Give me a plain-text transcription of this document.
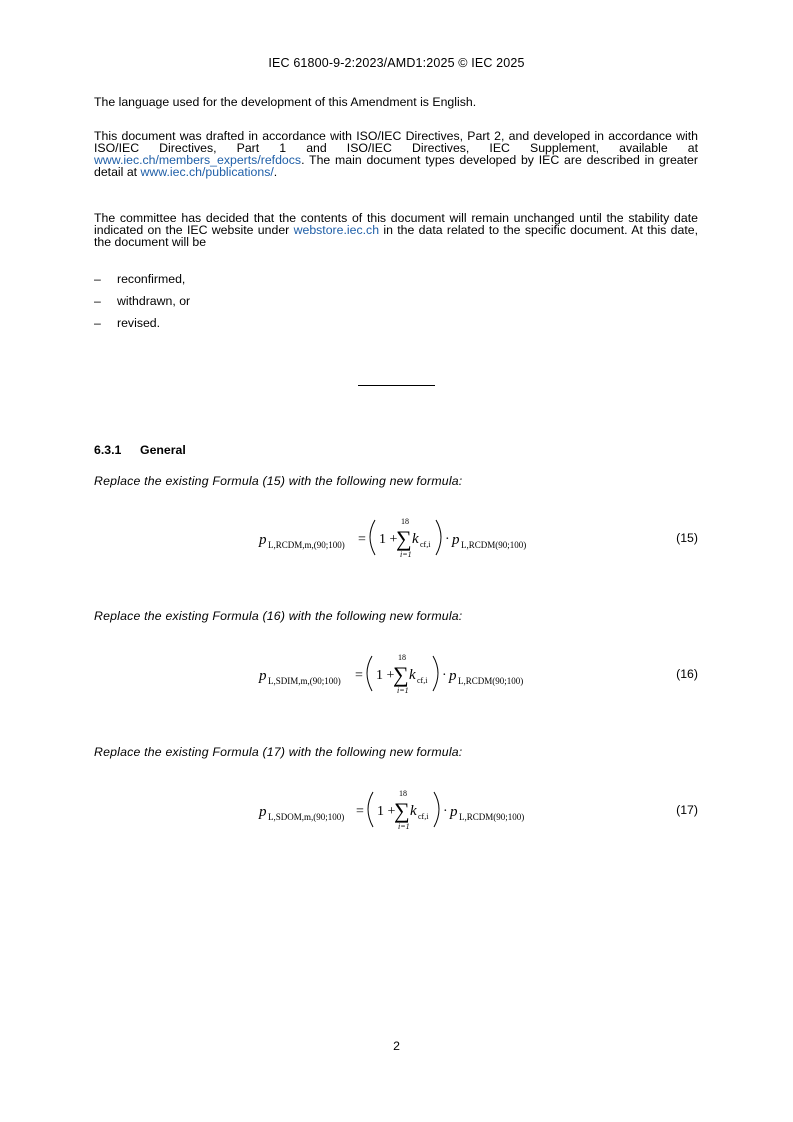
IEC 61800-9-2:2023/AMD1:2025 © IEC 2025

The language used for the development of this Amendment is English.

This document was drafted in accordance with ISO/IEC Directives, Part 2, and developed in accordance with ISO/IEC Directives, Part 1 and ISO/IEC Directives, IEC Supplement, available at www.iec.ch/members_experts/refdocs. The main document types developed by IEC are described in greater detail at www.iec.ch/publications/.

The committee has decided that the contents of this document will remain unchanged until the stability date indicated on the IEC website under webstore.iec.ch in the data related to the specific document. At this date, the document will be

– reconfirmed,
– withdrawn, or
– revised.
6.3.1 General
Replace the existing Formula (15) with the following new formula:
p L,RCDM,m,(90;100) = 1 +
18
∑
i=1
k cf,i · p L,RCDM(90;100)	(15)
Replace the existing Formula (16) with the following new formula:
p L,SDIM,m,(90;100) = 1 +
18
∑
i=1
k cf,i · p L,RCDM(90;100)	(16)
Replace the existing Formula (17) with the following new formula:
p L,SDOM,m,(90;100) = 1 +
18
∑
i=1
k cf,i · p L,RCDM(90;100)	(17)
2
